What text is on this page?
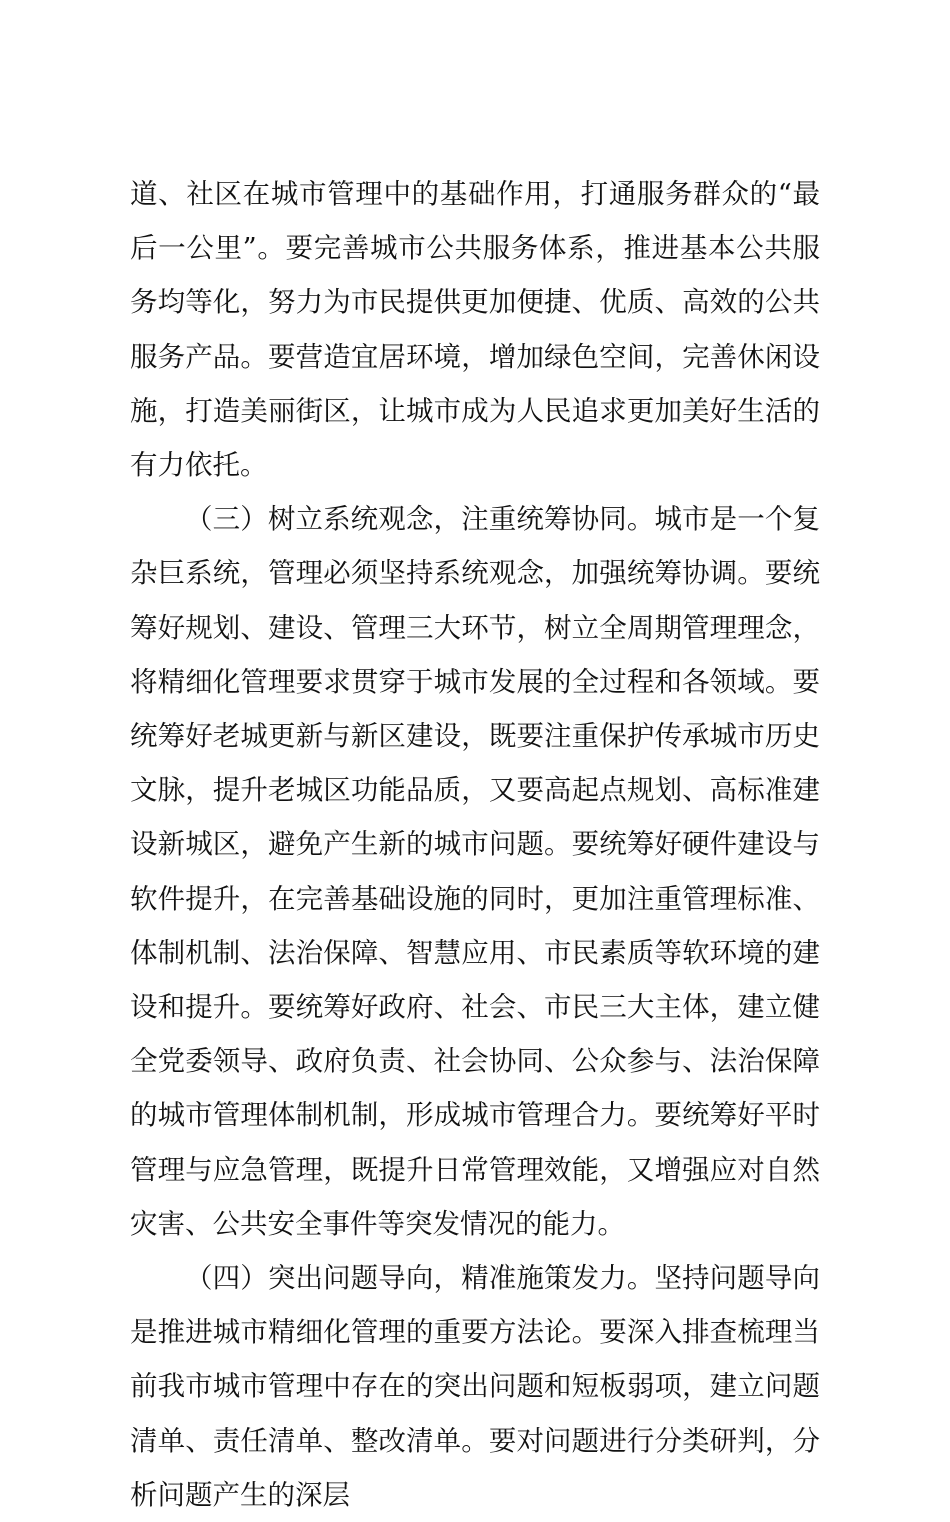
道、社区在城市管理中的基础作用，打通服务群众的“最后一公里”。要完善城市公共服务体系，推进基本公共服务均等化，努力为市民提供更加便捷、优质、高效的公共服务产品。要营造宜居环境，增加绿色空间，完善休闲设施，打造美丽街区，让城市成为人民追求更加美好生活的有力依托。

（三）树立系统观念，注重统筹协同。城市是一个复杂巨系统，管理必须坚持系统观念，加强统筹协调。要统筹好规划、建设、管理三大环节，树立全周期管理理念，将精细化管理要求贯穿于城市发展的全过程和各领域。要统筹好老城更新与新区建设，既要注重保护传承城市历史文脉，提升老城区功能品质，又要高起点规划、高标准建设新城区，避免产生新的城市问题。要统筹好硬件建设与软件提升，在完善基础设施的同时，更加注重管理标准、体制机制、法治保障、智慧应用、市民素质等软环境的建设和提升。要统筹好政府、社会、市民三大主体，建立健全党委领导、政府负责、社会协同、公众参与、法治保障的城市管理体制机制，形成城市管理合力。要统筹好平时管理与应急管理，既提升日常管理效能，又增强应对自然灾害、公共安全事件等突发情况的能力。

（四）突出问题导向，精准施策发力。坚持问题导向是推进城市精细化管理的重要方法论。要深入排查梳理当前我市城市管理中存在的突出问题和短板弱项，建立问题清单、责任清单、整改清单。要对问题进行分类研判，分析问题产生的深层
